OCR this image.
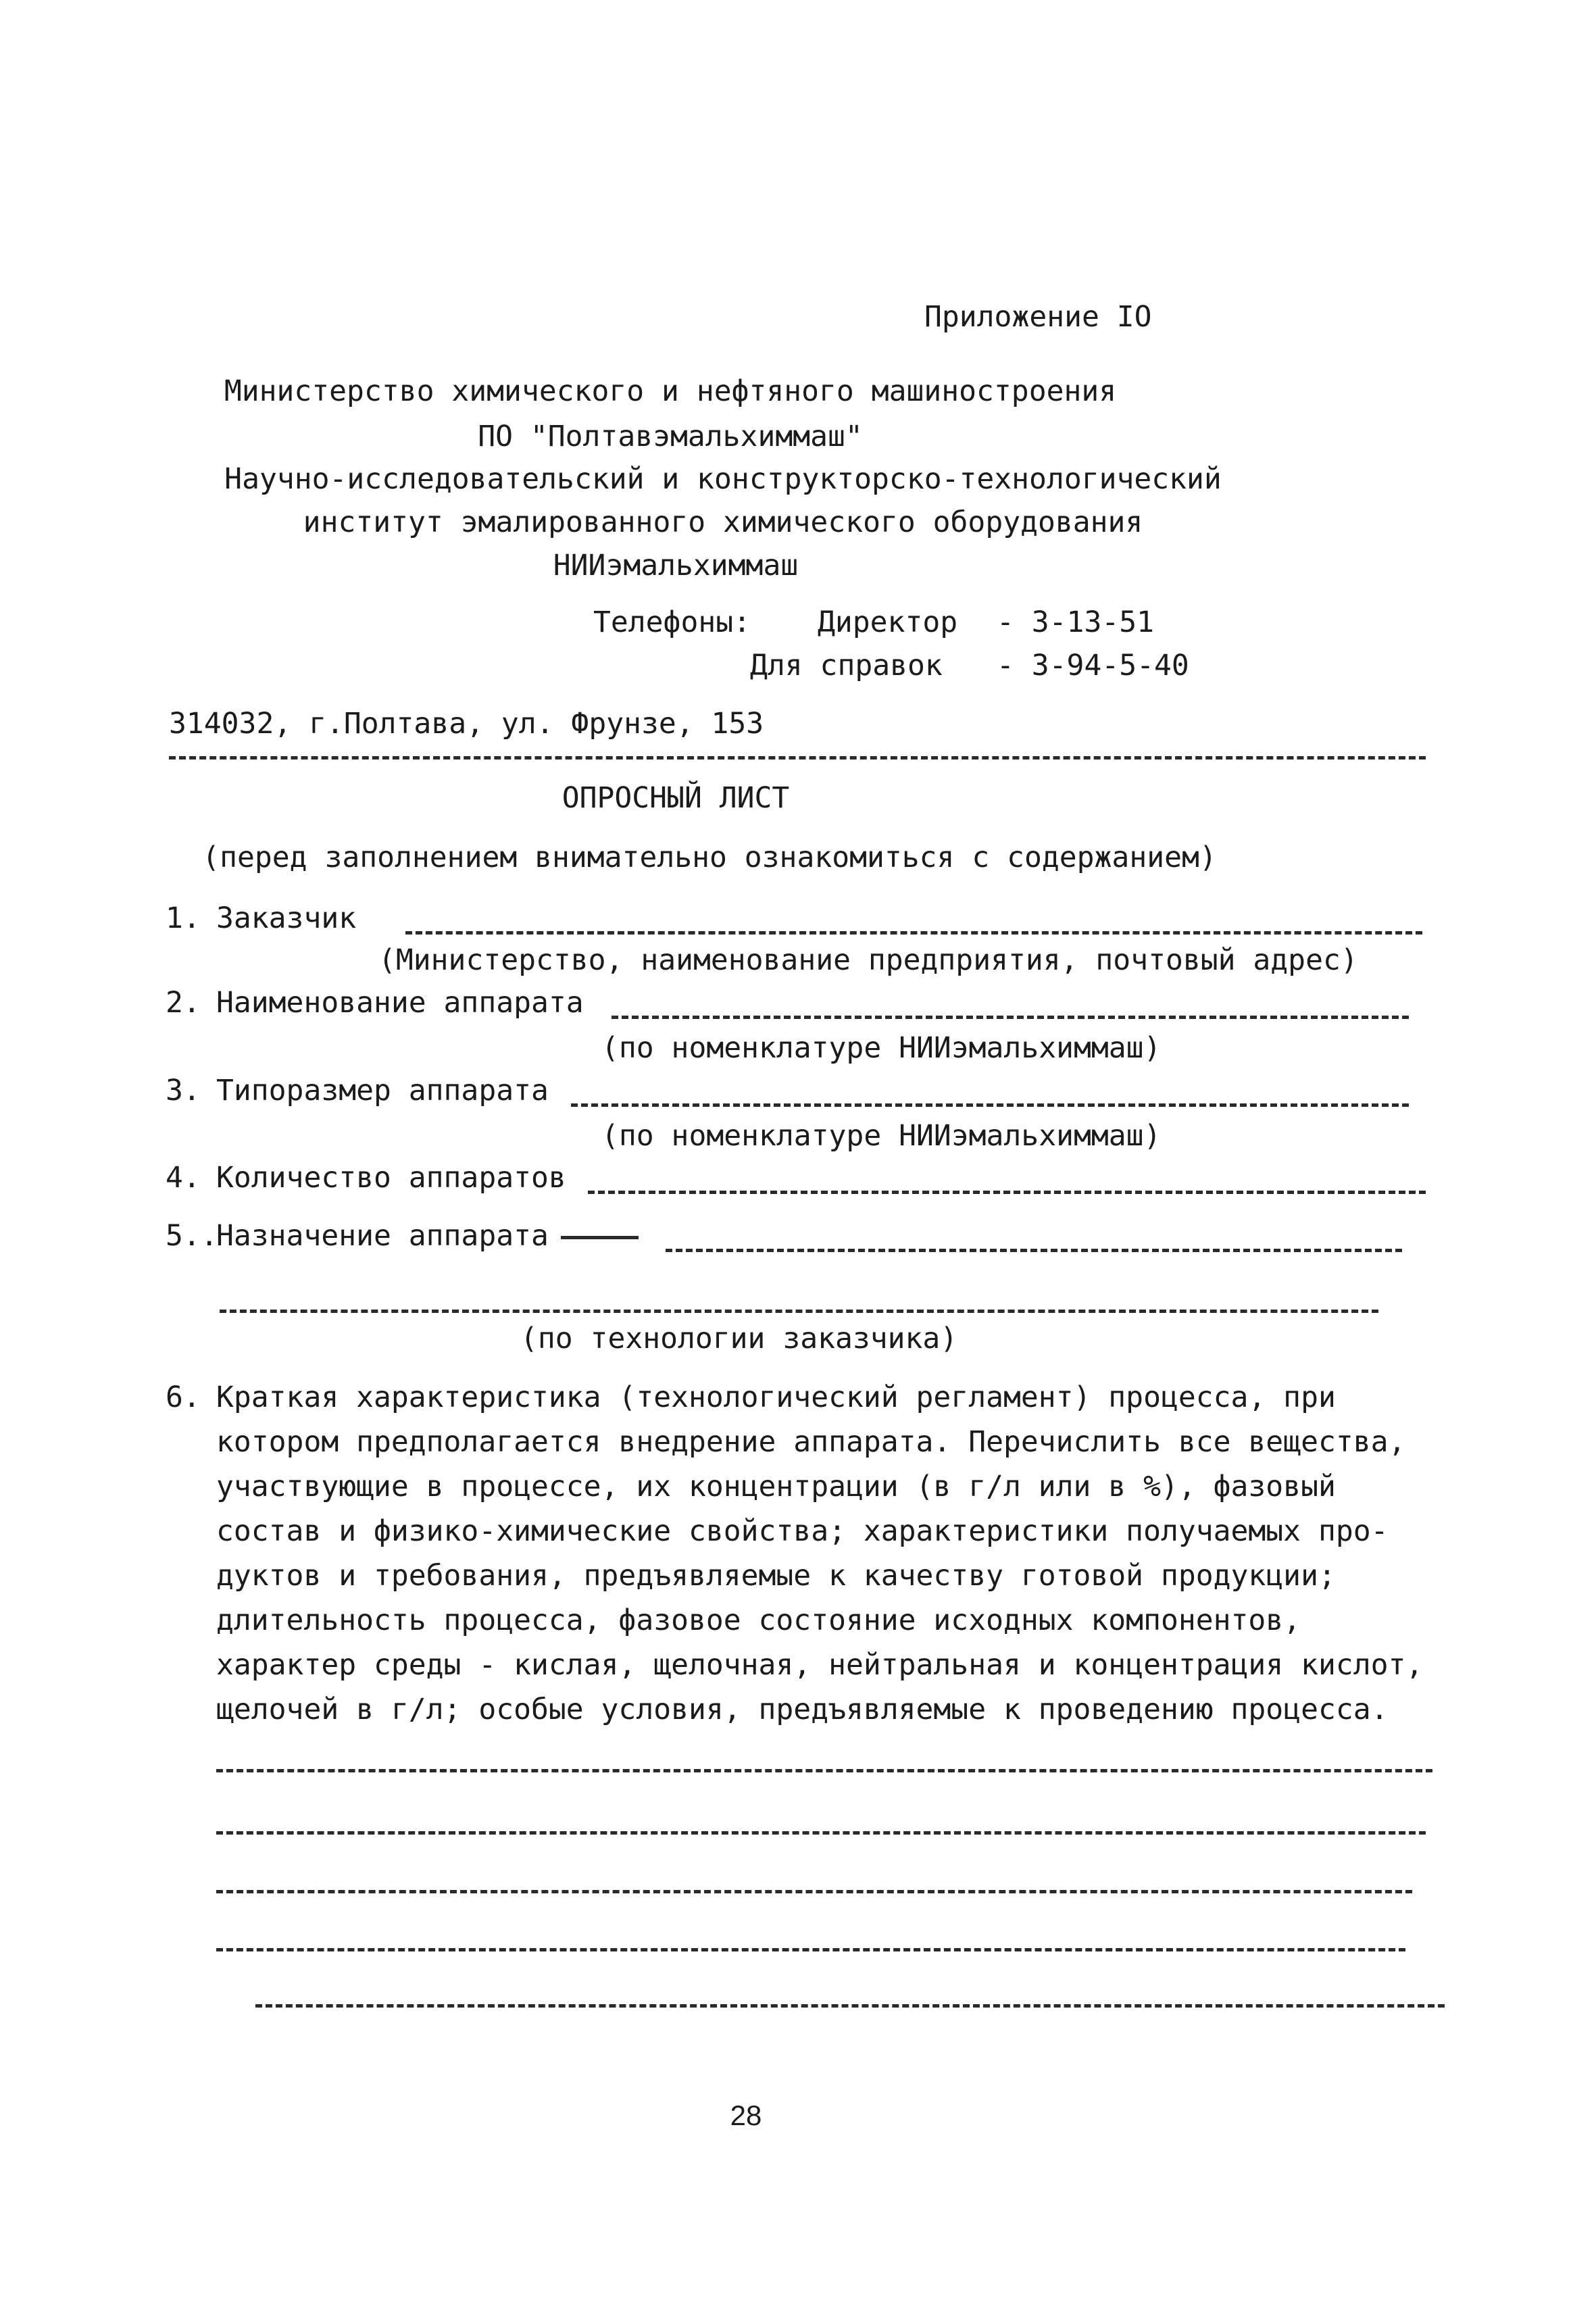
Приложение IO
Министерство химического и нефтяного машиностроения
ПО "Полтавэмальхиммаш"
Научно-исследовательский и конструкторско-технологический
институт эмалированного химического оборудования
НИИэмальхиммаш
Телефоны: Директор - 3-13-51
Для справок - 3-94-5-40
314032, г.Полтава, ул. Фрунзе, 153
ОПРОСНЫЙ ЛИСТ
(перед заполнением внимательно ознакомиться с содержанием)
1. Заказчик
(Министерство, наименование предприятия, почтовый адрес)
2. Наименование аппарата
(по номенклатуре НИИэмальхиммаш)
3. Типоразмер аппарата
(по номенклатуре НИИэмальхиммаш)
4. Количество аппаратов
5..Назначение аппарата
(по технологии заказчика)
6. Краткая характеристика (технологический регламент) процесса, при
котором предполагается внедрение аппарата. Перечислить все вещества,
участвующие в процессе, их концентрации (в г/л или в %), фазовый
состав и физико-химические свойства; характеристики получаемых про-
дуктов и требования, предъявляемые к качеству готовой продукции;
длительность процесса, фазовое состояние исходных компонентов,
характер среды - кислая, щелочная, нейтральная и концентрация кислот,
щелочей в г/л; особые условия, предъявляемые к проведению процесса.
28
